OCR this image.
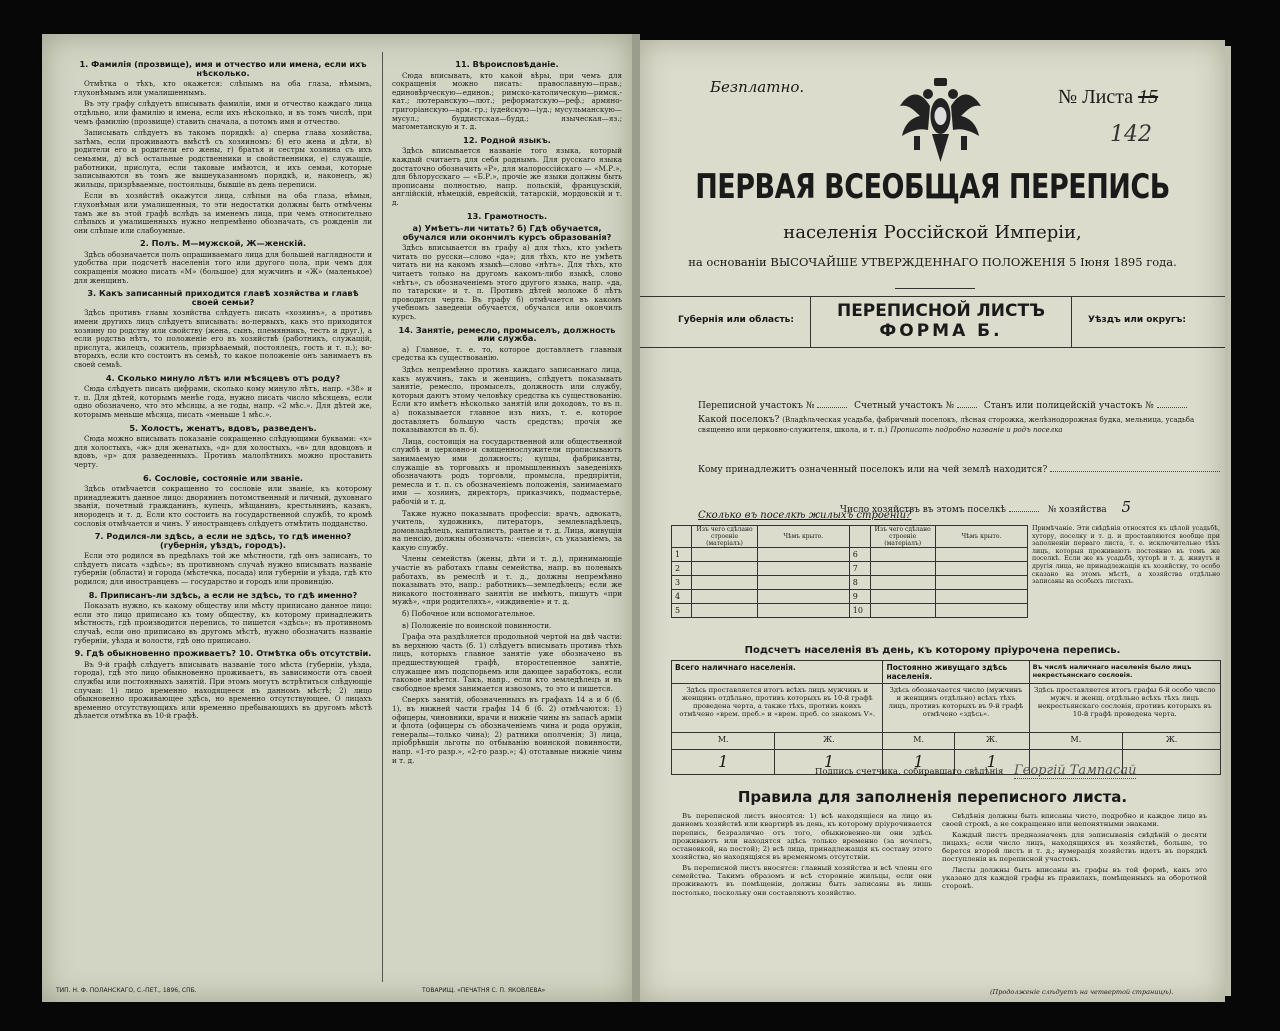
1. Фамилія (прозвище), имя и отчество или имена, если ихъ нѣсколько.

Отмѣтка о тѣхъ, кто окажется: слѣпымъ на оба глаза, нѣмымъ, глухонѣмымъ или умалишеннымъ.

Въ эту графу слѣдуетъ вписывать фамиліи, имя и отчество каждаго лица отдѣльно, или фамилію и имена, если ихъ нѣсколько, и въ томъ числѣ, при чемъ фамилію (прозвище) ставить сначала, а потомъ имя и отчество.

Записывать слѣдуетъ въ такомъ порядкѣ: а) сперва глава хозяйства, затѣмъ, если проживаютъ вмѣстѣ съ хозяиномъ: б) его жена и дѣти, в) родители его и родители его жены, г) братья и сестры хозяина съ ихъ семьями, д) всѣ остальные родственники и свойственники, е) служащіе, работники, прислуга, если таковые имѣются, и ихъ семьи, которые записываются въ томъ же вышеуказанномъ порядкѣ, и, наконецъ, ж) жильцы, призрѣваемые, постояльцы, бывшіе въ день переписи.

Если въ хозяйствѣ окажутся лица, слѣпыя на оба глаза, нѣмыя, глухонѣмыя или умалишенныя, то эти недостатки должны быть отмѣчены тамъ же въ этой графѣ вслѣдъ за именемъ лица, при чемъ относительно слѣпыхъ и умалишенныхъ нужно непремѣнно обозначать, съ рожденія ли они слѣпые или слабоумные.

2. Полъ. М—мужской, Ж—женскій.

Здѣсь обозначается полъ опрашиваемаго лица для большей наглядности и удобства при подсчетѣ населенія того или другого пола, при чемъ для сокращенія можно писать «М» (большое) для мужчинъ и «Ж» (маленькое) для женщинъ.

3. Какъ записанный приходится главѣ хозяйства и главѣ своей семьи?

Здѣсь противъ главы хозяйства слѣдуетъ писать «хозяинъ», а противъ имени другихъ лицъ слѣдуетъ вписывать: во-первыхъ, какъ это приходится хозяину по родству или свойству (жена, сынъ, племянникъ, тесть и друг.), а если родства нѣтъ, то положеніе его въ хозяйствѣ (работникъ, служащій, прислуга, жилецъ, сожитель, призрѣваемый, постоялецъ, гость и т. п.); во-вторыхъ, если кто состоитъ въ семьѣ, то какое положеніе онъ занимаетъ въ своей семьѣ.

4. Сколько минуло лѣтъ или мѣсяцевъ отъ роду?

Сюда слѣдуетъ писать цифрами, сколько кому минуло лѣтъ, напр. «38» и т. п. Для дѣтей, которымъ менѣе года, нужно писать число мѣсяцевъ, если одно обозначено, что это мѣсяцы, а не годы, напр. «2 мѣс.». Для дѣтей же, которымъ меньше мѣсяца, писать «меньше 1 мѣс.».

5. Холостъ, женатъ, вдовъ, разведенъ.

Сюда можно вписывать показаніе сокращенно слѣдующими буквами: «х» для холостыхъ, «ж» для женатыхъ, «д» для холостыхъ, «в» для вдовцовъ и вдовъ, «р» для разведенныхъ. Противъ малолѣтнихъ можно проставить черту.

6. Сословіе, состояніе или званіе.

Здѣсь отмѣчается сокращенно то сословіе или званіе, къ которому принадлежитъ данное лицо: дворянинъ потомственный и личный, духовнаго званія, почетный гражданинъ, купецъ, мѣщанинъ, крестьянинъ, казакъ, инородецъ и т. д. Если кто состоитъ на государственной службѣ, то кромѣ сословія отмѣчается и чинъ. У иностранцевъ слѣдуетъ отмѣтить подданство.

7. Родился-ли здѣсь, а если не здѣсь, то гдѣ именно? (губернія, уѣздъ, городъ).

Если это родился въ предѣлахъ той же мѣстности, гдѣ онъ записанъ, то слѣдуетъ писать «здѣсь»; въ противномъ случаѣ нужно вписывать названіе губерніи (области) и города (мѣстечка, посада) или губерніи и уѣзда, гдѣ кто родился; для иностранцевъ — государство и городъ или провинцію.

8. Приписанъ-ли здѣсь, а если не здѣсь, то гдѣ именно?

Показать нужно, къ какому обществу или мѣсту приписано данное лицо: если это лицо приписано къ тому обществу, къ которому принадлежитъ мѣстность, гдѣ производится перепись, то пишется «здѣсь»; въ противномъ случаѣ, если оно приписано въ другомъ мѣстѣ, нужно обозначить названіе губерніи, уѣзда и волости, гдѣ оно приписано.

9. Гдѣ обыкновенно проживаетъ? 10. Отмѣтка объ отсутствіи.

Въ 9-й графѣ слѣдуетъ вписывать названіе того мѣста (губерніи, уѣзда, города), гдѣ это лицо обыкновенно проживаетъ, въ зависимости отъ своей службы или постоянныхъ занятій. При этомъ могутъ встрѣтиться слѣдующіе случаи: 1) лицо временно находящееся въ данномъ мѣстѣ; 2) лицо обыкновенно проживающее здѣсь, но временно отсутствующее. О лицахъ временно отсутствующихъ или временно пребывающихъ въ другомъ мѣстѣ дѣлается отмѣтка въ 10-й графѣ.

11. Вѣроисповѣданіе.

Сюда вписывать, кто какой вѣры, при чемъ для сокращенія можно писать: православную—прав.; единовѣрческую—единов.; римско-католическую—римск.-кат.; лютеранскую—лют.; реформатскую—реф.; армяно-григоріанскую—арм.-гр.; іудейскую—іуд.; мусульманскую—мусул.; буддистская—будд.; языческая—яз.; магометанскую и т. д.

12. Родной языкъ.

Здѣсь вписывается названіе того языка, который каждый считаетъ для себя роднымъ. Для русскаго языка достаточно обозначить «Р», для малороссійскаго — «М.Р.», для бѣлорусскаго — «Б.Р.», прочіе же языки должны быть прописаны полностью, напр. польскій, французскій, англійскій, нѣмецкій, еврейскій, татарскій, мордовскій и т. д.

13. Грамотность.
а) Умѣетъ-ли читать? б) Гдѣ обучается, обучался или окончилъ курсъ образованія?

Здѣсь вписывается въ графу а) для тѣхъ, кто умѣетъ читать по русски—слово «да»; для тѣхъ, кто не умѣетъ читать ни на какомъ языкѣ—слово «нѣтъ». Для тѣхъ, кто читаетъ только на другомъ какомъ-либо языкѣ, слово «нѣтъ», съ обозначеніемъ этого другого языка, напр. «да, по татарски» и т. п. Противъ дѣтей моложе 8 лѣтъ проводится черта. Въ графу б) отмѣчается въ какомъ учебномъ заведеніи обучается, обучался или окончилъ курсъ.

14. Занятіе, ремесло, промыселъ, должность или служба.

а) Главное, т. е. то, которое доставляетъ главныя средства къ существованію.

Здѣсь непремѣнно противъ каждаго записаннаго лица, какъ мужчинъ, такъ и женщинъ, слѣдуетъ показывать занятіе, ремесло, промыселъ, должность или службу, которыя даютъ этому человѣку средства къ существованію. Если кто имѣетъ нѣсколько занятій или доходовъ, то въ п. а) показывается главное изъ нихъ, т. е. которое доставляетъ большую часть средствъ; прочія же показываются въ п. б).

Лица, состоящія на государственной или общественной службѣ и церковно-и священнослужители прописываютъ занимаемую ими должность; купцы, фабриканты, служащіе въ торговыхъ и промышленныхъ заведеніяхъ обозначаютъ родъ торговли, промысла, предпріятія, ремесла и т. п. съ обозначеніемъ положенія, занимаемаго ими — хозяинъ, директоръ, приказчикъ, подмастерье, рабочій и т. д.

Также нужно показывать профессіи: врачъ, адвокатъ, учитель, художникъ, литераторъ, землевладѣлецъ, домовладѣлецъ, капиталистъ, рантье и т. д. Лица, живущія на пенсію, должны обозначать: «пенсія», съ указаніемъ, за какую службу.

Члены семействъ (жены, дѣти и т. д.), принимающіе участіе въ работахъ главы семейства, напр. въ полевыхъ работахъ, въ ремеслѣ и т. д., должны непремѣнно показывать это, напр.: работникъ—земледѣлецъ; если же никакого постояннаго занятія не имѣютъ, пишутъ «при мужѣ», «при родителяхъ», «иждивеніе» и т. д.

б) Побочное или вспомогательное.

в) Положеніе по воинской повинности.

Графа эта раздѣляется продольной чертой на двѣ части: въ верхнюю часть (б. 1) слѣдуетъ вписывать противъ тѣхъ лицъ, которыхъ главное занятіе уже обозначено въ предшествующей графѣ, второстепенное занятіе, служащее имъ подспорьемъ или дающее заработокъ, если таковое имѣется. Такъ, напр., если кто земледѣлецъ и въ свободное время занимается извозомъ, то это и пишется.

Сверхъ занятій, обозначенныхъ въ графахъ 14 а и б (б. 1), въ нижней части графы 14 б (б. 2) отмѣчаются: 1) офицеры, чиновники, врачи и нижніе чины въ запасѣ арміи и флота (офицеры съ обозначеніемъ чина и рода оружія, генералы—только чина); 2) ратники ополченія; 3) лица, пріобрѣвшія льготы по отбыванію воинской повинности, напр. «1-го разр.», «2-го разр.»; 4) отставные нижніе чины и т. д.

ТИП. Н. Ф. ПОЛАНСКАГО, С.-ПЕТ., 1896, СПБ.	ТОВАРИЩ. «ПЕЧАТНЯ С. П. ЯКОВЛЕВА»
Безплатно.	№ Листа 15
142
ПЕРВАЯ ВСЕОБЩАЯ ПЕРЕПИСЬ
населенія Россійской Имперіи,
на основаніи ВЫСОЧАЙШЕ УТВЕРЖДЕННАГО ПОЛОЖЕНІЯ 5 Іюня 1895 года.
Губернія или область:	ПЕРЕПИСНОЙ ЛИСТЪ
ФОРМА Б.
Уѣздъ или округъ:
Переписной участокъ №	Счетный участокъ №	Станъ или полицейскій участокъ №
Какой поселокъ? (Владѣльческая усадьба, фабричный поселокъ, лѣсная сторожка, желѣзнодорожная будка, мельница, усадьба священно или церковно-служителя, школа, и т. п.) Прописать подробно названіе и родъ поселка
Кому принадлежитъ означенный поселокъ или на чей землѣ находится?
Число хозяйствъ въ этомъ поселкѣ	№ хозяйства 5
Сколько въ поселкѣ жилыхъ строеній?
	Изъ чего сдѣлано строеніе (матеріалъ)	Чѣмъ крыто.		Изъ чего сдѣлано строеніе (матеріалъ)	Чѣмъ крыто.
1			6		
2			7		
3			8		
4			9		
5			10		
Примѣчаніе. Эти свѣдѣнія относятся къ цѣлой усадьбѣ, хутору, поселку и т. д. и проставляются вообще при заполненіи перваго листа, т. е. исключительно тѣхъ лицъ, которыя проживаютъ постоянно въ томъ же поселкѣ. Если же въ усадьбѣ, хуторѣ и т. д. живутъ и другія лица, не принадлежащія къ хозяйству, то особо сказано на этомъ мѣстѣ, а хозяйства отдѣльно записаны на особыхъ листахъ.
Подсчетъ населенія въ день, къ которому пріурочена перепись.
Всего наличнаго населенія.		Постоянно живущаго здѣсь населенія.		Въ числѣ наличнаго населенія было лицъ некрестьянскаго сословія.	
Здѣсь проставляется итогъ всѣхъ лицъ мужчинъ и женщинъ отдѣльно, противъ которыхъ въ 10-й графѣ проведена черта, а также тѣхъ, противъ коихъ отмѣчено «врем. преб.» и «врем. преб. со знакомъ V».		Здѣсь обозначается число (мужчинъ и женщинъ отдѣльно) всѣхъ тѣхъ лицъ, противъ которыхъ въ 9-й графѣ отмѣчено «здѣсь».		Здѣсь проставляется итогъ графы 6-й особо число мужч. и женщ. отдѣльно всѣхъ тѣхъ лицъ некрестьянскаго сословія, противъ которыхъ въ 10-й графѣ проведена черта.	
М.	Ж.	М.	Ж.	М.	Ж.
1	1	1	1		
Подпись счетчика, собиравшаго свѣдѣнія Георгій Тампасай
Правила для заполненія переписного листа.

Въ переписной листъ вносятся: 1) всѣ находящіеся на лицо въ данномъ хозяйствѣ или квартирѣ въ день, къ которому пріурочивается перепись, безразлично отъ того, обыкновенно-ли они здѣсь проживаютъ или находятся здѣсь только временно (за ночлегъ, остановкой, на постой); 2) всѣ лица, принадлежащія къ составу этого хозяйства, но находящіяся въ временномъ отсутствіи.

Въ переписной листъ вносятся: главный хозяйства и всѣ члены его семейства. Такимъ образомъ и всѣ сторонніе жильцы, если они проживаютъ въ помѣщеніи, должны быть записаны въ лишь постолько, поскольку они составляютъ хозяйство.

Свѣдѣнія должны быть вписаны чисто, подробно и каждое лицо въ своей строкѣ, а не сокращенно или непонятными знаками.

Каждый листъ предназначенъ для записыванія свѣдѣній о десяти лицахъ; если число лицъ, находящихся въ хозяйствѣ, больше, то берется второй листъ и т. д.; нумерація хозяйствъ идетъ въ порядкѣ поступленія въ переписной участокъ.

Листы должны быть вписаны въ графы въ той формѣ, какъ это указано для каждой графы въ правилахъ, помѣщенныхъ на оборотной сторонѣ.

(Продолженіе слѣдуетъ на четвертой страницѣ).
